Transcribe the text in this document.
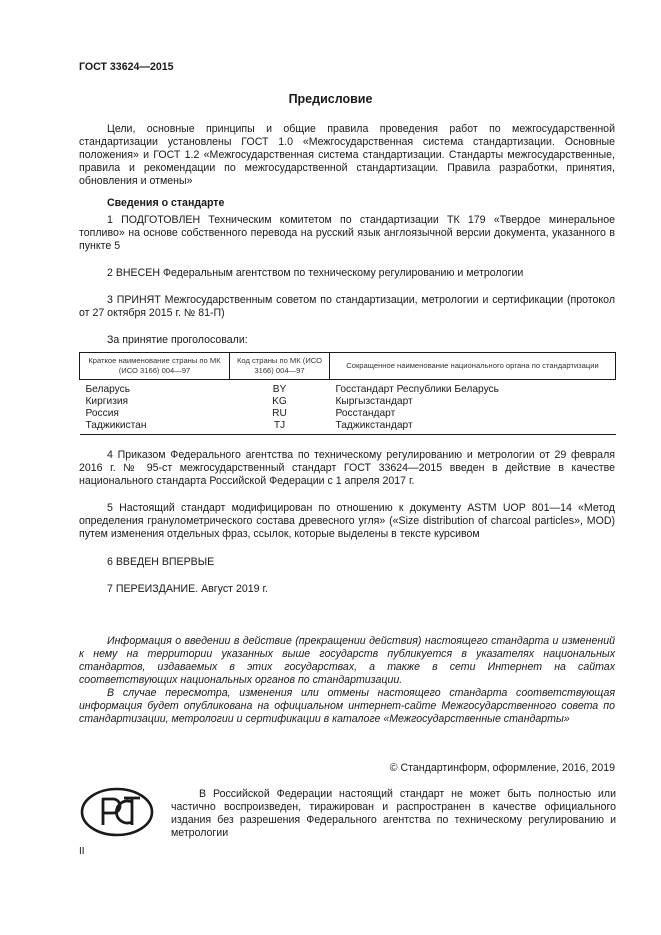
ГОСТ 33624—2015
Предисловие

Цели, основные принципы и общие правила проведения работ по межгосударственной стандартизации установлены ГОСТ 1.0 «Межгосударственная система стандартизации. Основные положения» и ГОСТ 1.2 «Межгосударственная система стандартизации. Стандарты межгосударственные, правила и рекомендации по межгосударственной стандартизации. Правила разработки, принятия, обновления и отмены»

Сведения о стандарте

1 ПОДГОТОВЛЕН Техническим комитетом по стандартизации ТК 179 «Твердое минеральное топливо» на основе собственного перевода на русский язык англоязычной версии документа, указанного в пункте 5

2 ВНЕСЕН Федеральным агентством по техническому регулированию и метрологии

3 ПРИНЯТ Межгосударственным советом по стандартизации, метрологии и сертификации (протокол от 27 октября 2015 г. № 81-П)

За принятие проголосовали:

Краткое наименование страны по МК (ИСО 3166) 004—97	Код страны по МК (ИСО 3166) 004—97	Сокращенное наименование национального органа по стандартизации
Беларусь	BY	Госстандарт Республики Беларусь
Киргизия	KG	Кыргызстандарт
Россия	RU	Росстандарт
Таджикистан	TJ	Таджикстандарт

4 Приказом Федерального агентства по техническому регулированию и метрологии от 29 февраля 2016 г. № 95-ст межгосударственный стандарт ГОСТ 33624—2015 введен в действие в качестве национального стандарта Российской Федерации с 1 апреля 2017 г.

5 Настоящий стандарт модифицирован по отношению к документу ASTM UOP 801—14 «Метод определения гранулометрического состава древесного угля» («Size distribution of charcoal particles», MOD) путем изменения отдельных фраз, ссылок, которые выделены в тексте курсивом

6 ВВЕДЕН ВПЕРВЫЕ

7 ПЕРЕИЗДАНИЕ. Август 2019 г.

Информация о введении в действие (прекращении действия) настоящего стандарта и изменений к нему на территории указанных выше государств публикуется в указателях национальных стандартов, издаваемых в этих государствах, а также в сети Интернет на сайтах соответствующих национальных органов по стандартизации.

В случае пересмотра, изменения или отмены настоящего стандарта соответствующая информация будет опубликована на официальном интернет-сайте Межгосударственного совета по стандартизации, метрологии и сертификации в каталоге «Межгосударственные стандарты»

© Стандартинформ, оформление, 2016, 2019

В Российской Федерации настоящий стандарт не может быть полностью или частично воспроизведен, тиражирован и распространен в качестве официального издания без разрешения Федерального агентства по техническому регулированию и метрологии

II
